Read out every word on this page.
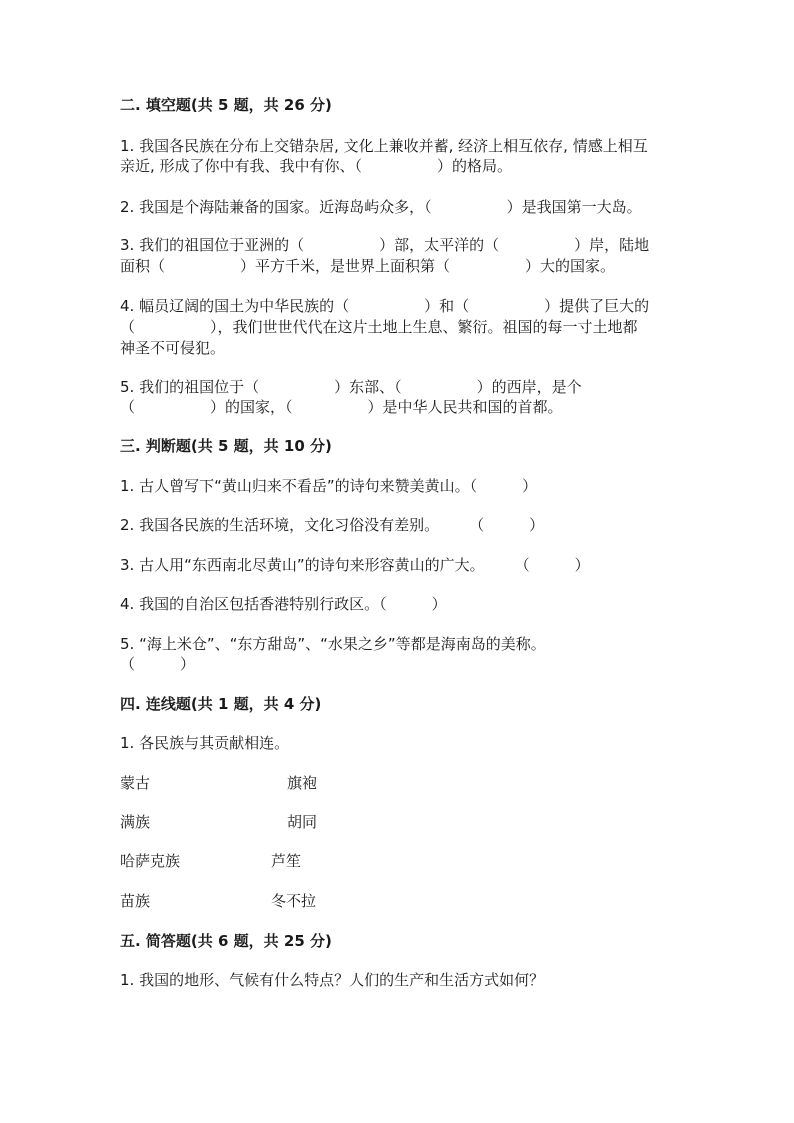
二. 填空题(共 5 题，共 26 分)
1. 我国各民族在分布上交错杂居, 文化上兼收并蓄, 经济上相互依存, 情感上相互
亲近, 形成了你中有我、我中有你、（　　　　　）的格局。
2. 我国是个海陆兼备的国家。近海岛屿众多，（　　　　　）是我国第一大岛。
3. 我们的祖国位于亚洲的（　　　　　）部，太平洋的（　　　　　）岸，陆地
面积（　　　　　）平方千米，是世界上面积第（　　　　　）大的国家。
4. 幅员辽阔的国土为中华民族的（　　　　　）和（　　　　　）提供了巨大的
（　　　　　），我们世世代代在这片土地上生息、繁衍。祖国的每一寸土地都
神圣不可侵犯。
5. 我们的祖国位于（　　　　　）东部、（　　　　　）的西岸，是个
（　　　　　）的国家，（　　　　　）是中华人民共和国的首都。
三. 判断题(共 5 题，共 10 分)
1. 古人曾写下“黄山归来不看岳”的诗句来赞美黄山。（　　　）
2. 我国各民族的生活环境，文化习俗没有差别。　　　（　　　）
3. 古人用“东西南北尽黄山”的诗句来形容黄山的广大。　　　（　　　）
4. 我国的自治区包括香港特别行政区。（　　　）
5. “海上米仓”、“东方甜岛”、“水果之乡”等都是海南岛的美称。
（　　　）
四. 连线题(共 1 题，共 4 分)
1. 各民族与其贡献相连。
蒙古	旗袍
满族	胡同
哈萨克族	芦笙
苗族	冬不拉
五. 简答题(共 6 题，共 25 分)
1. 我国的地形、气候有什么特点？人们的生产和生活方式如何？
